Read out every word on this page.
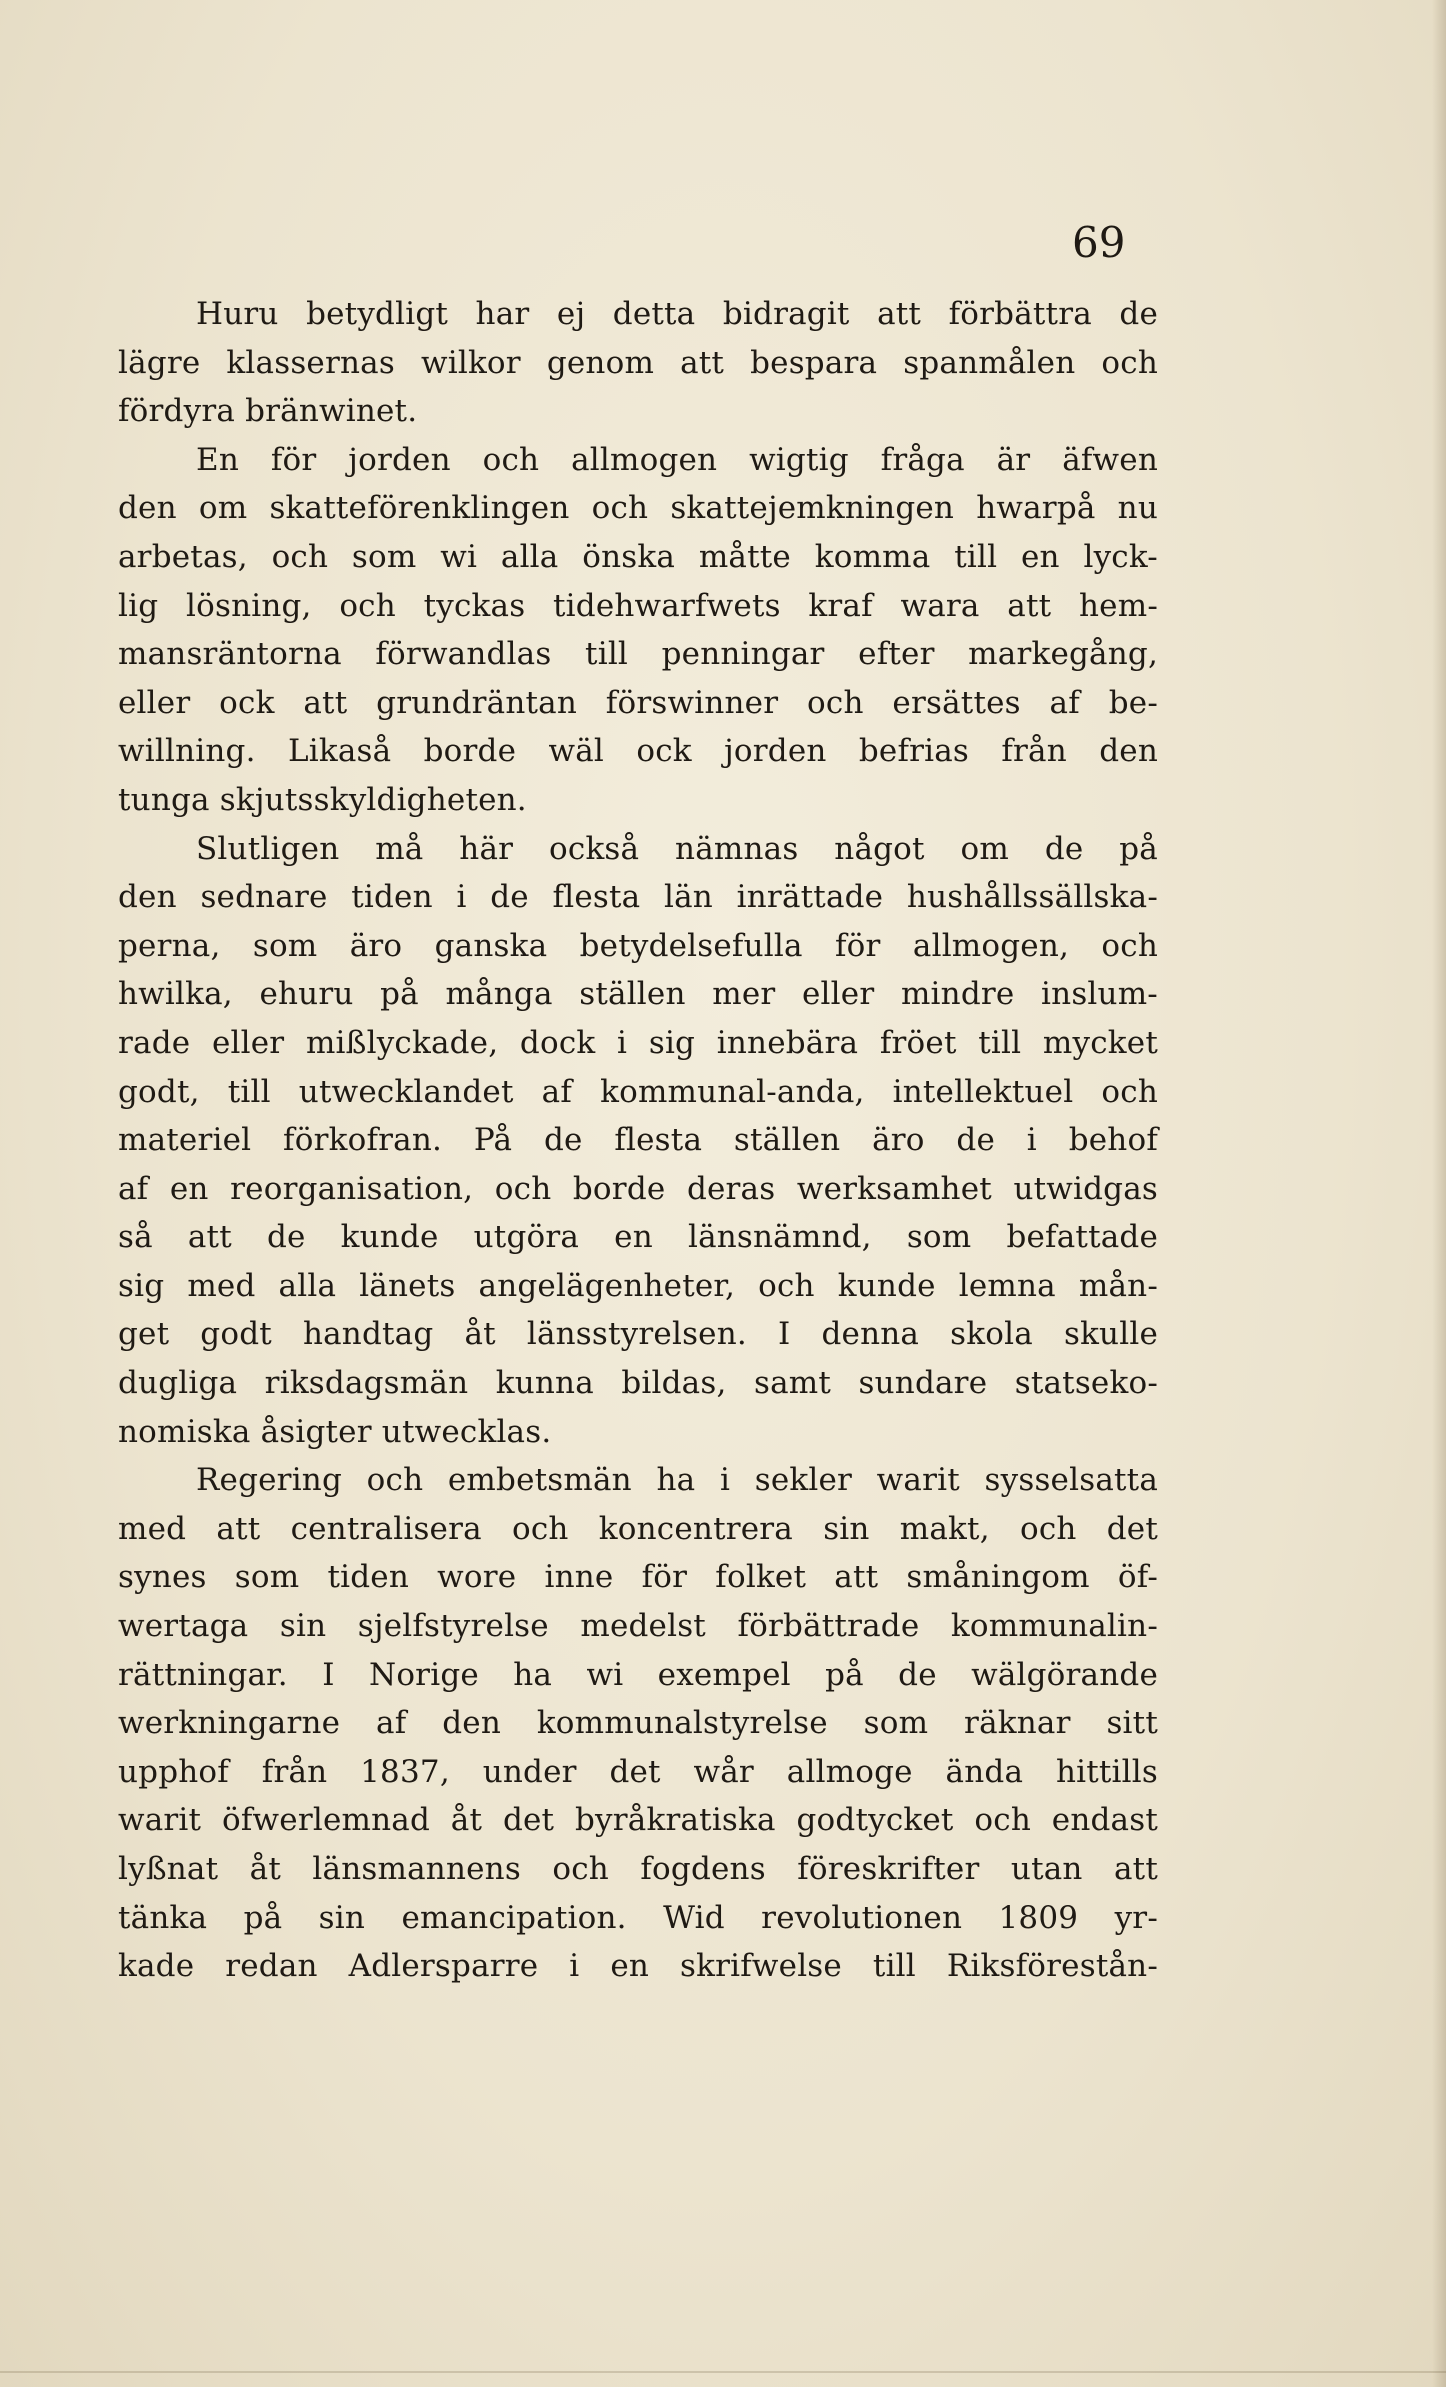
69
Huru betydligt har ej detta bidragit att förbättra de
lägre klassernas wilkor genom att bespara spanmålen och
fördyra bränwinet.
En för jorden och allmogen wigtig fråga är äfwen
den om skatteförenklingen och skattejemkningen hwarpå nu
arbetas, och som wi alla önska måtte komma till en lyck-
lig lösning, och tyckas tidehwarfwets kraf wara att hem-
mansräntorna förwandlas till penningar efter markegång,
eller ock att grundräntan förswinner och ersättes af be-
willning. Likaså borde wäl ock jorden befrias från den
tunga skjutsskyldigheten.
Slutligen må här också nämnas något om de på
den sednare tiden i de flesta län inrättade hushållssällska-
perna, som äro ganska betydelsefulla för allmogen, och
hwilka, ehuru på många ställen mer eller mindre inslum-
rade eller mißlyckade, dock i sig innebära fröet till mycket
godt, till utwecklandet af kommunal-anda, intellektuel och
materiel förkofran. På de flesta ställen äro de i behof
af en reorganisation, och borde deras werksamhet utwidgas
så att de kunde utgöra en länsnämnd, som befattade
sig med alla länets angelägenheter, och kunde lemna mån-
get godt handtag åt länsstyrelsen. I denna skola skulle
dugliga riksdagsmän kunna bildas, samt sundare statseko-
nomiska åsigter utwecklas.
Regering och embetsmän ha i sekler warit sysselsatta
med att centralisera och koncentrera sin makt, och det
synes som tiden wore inne för folket att småningom öf-
wertaga sin sjelfstyrelse medelst förbättrade kommunalin-
rättningar. I Norige ha wi exempel på de wälgörande
werkningarne af den kommunalstyrelse som räknar sitt
upphof från 1837, under det wår allmoge ända hittills
warit öfwerlemnad åt det byråkratiska godtycket och endast
lyßnat åt länsmannens och fogdens föreskrifter utan att
tänka på sin emancipation. Wid revolutionen 1809 yr-
kade redan Adlersparre i en skrifwelse till Riksförestån-
